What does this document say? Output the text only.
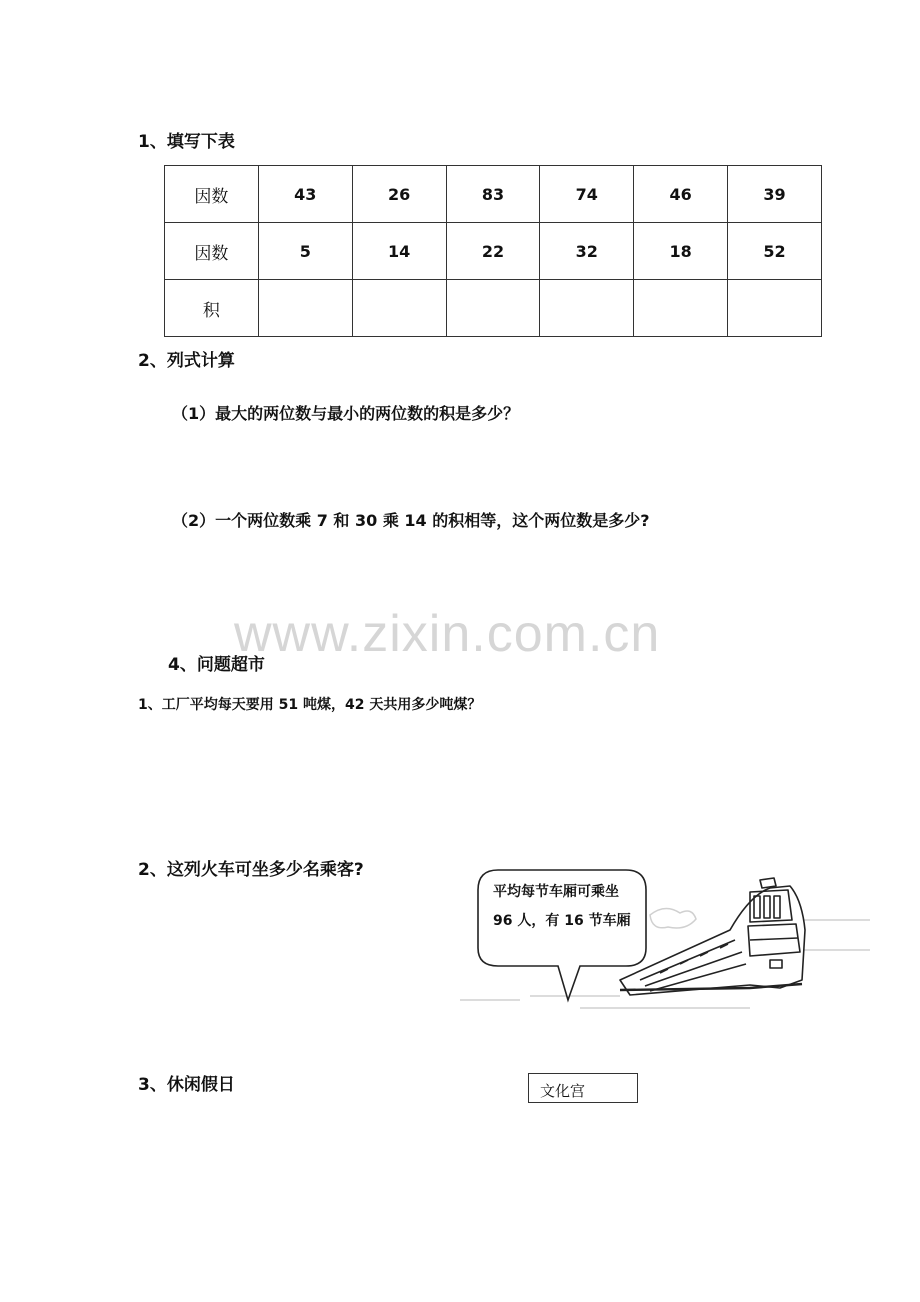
1、填写下表
因数	43	26	83	74	46	39
因数	5	14	22	32	18	52
积						
2、列式计算
（1）最大的两位数与最小的两位数的积是多少？
（2）一个两位数乘 7 和 30 乘 14 的积相等，这个两位数是多少?
www.zixin.com.cn
4、问题超市
1、工厂平均每天要用 51 吨煤，42 天共用多少吨煤？
2、这列火车可坐多少名乘客?
平均每节车厢可乘坐
96 人，有 16 节车厢
3、休闲假日	文化宫
